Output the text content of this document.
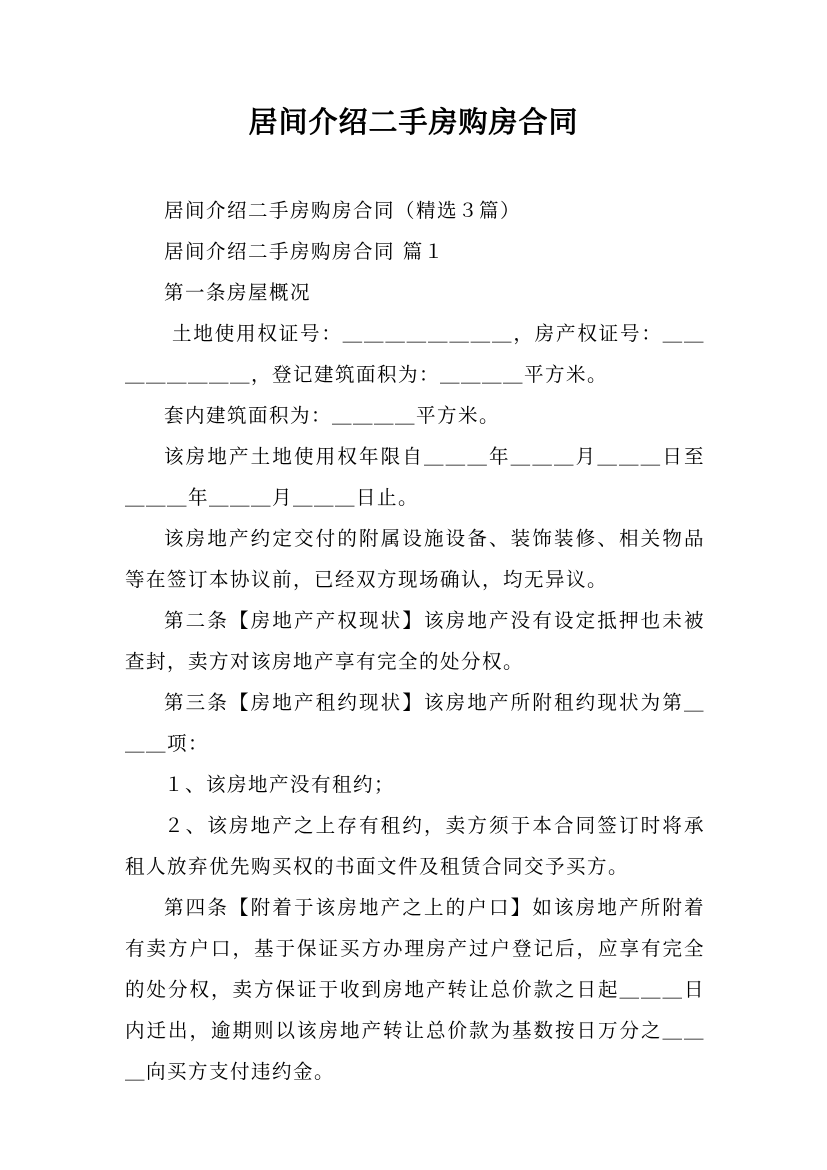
居间介绍二手房购房合同

居间介绍二手房购房合同（精选３篇）

居间介绍二手房购房合同 篇１

第一条房屋概况

土地使用权证号：＿＿＿＿＿＿＿＿，房产权证号：＿＿＿＿＿＿＿＿，登记建筑面积为：＿＿＿＿平方米。

套内建筑面积为：＿＿＿＿平方米。

该房地产土地使用权年限自＿＿＿年＿＿＿月＿＿＿日至＿＿＿年＿＿＿月＿＿＿日止。

该房地产约定交付的附属设施设备、装饰装修、相关物品等在签订本协议前，已经双方现场确认，均无异议。

第二条【房地产产权现状】该房地产没有设定抵押也未被查封，卖方对该房地产享有完全的处分权。

第三条【房地产租约现状】该房地产所附租约现状为第＿＿＿项：

１、该房地产没有租约；

２、该房地产之上存有租约，卖方须于本合同签订时将承租人放弃优先购买权的书面文件及租赁合同交予买方。

第四条【附着于该房地产之上的户口】如该房地产所附着有卖方户口，基于保证买方办理房产过户登记后，应享有完全的处分权，卖方保证于收到房地产转让总价款之日起＿＿＿日内迁出，逾期则以该房地产转让总价款为基数按日万分之＿＿＿向买方支付违约金。
